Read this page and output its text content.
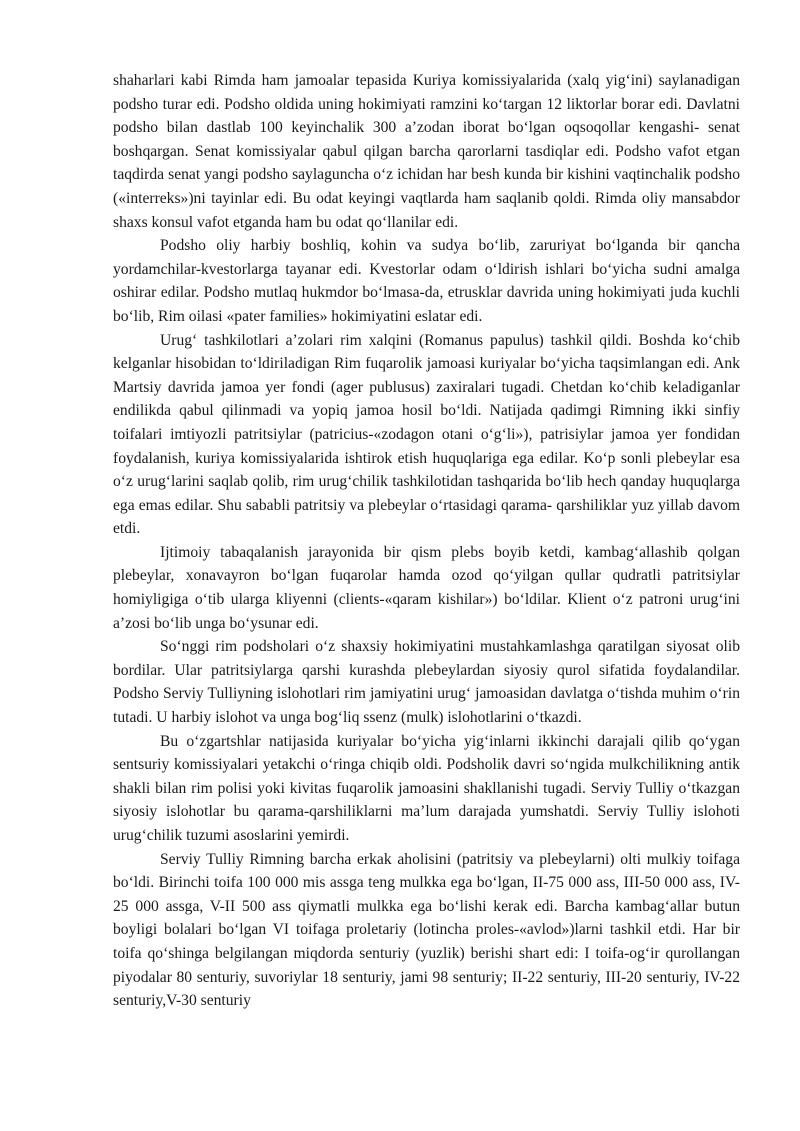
shaharlari kabi Rimda ham jamoalar tepasida Kuriya komissiyalarida (xalq yig‘ini) saylanadigan podsho turar edi. Podsho oldida uning hokimiyati ramzini ko‘targan 12 liktorlar borar edi. Davlatni podsho bilan dastlab 100 keyinchalik 300 a’zodan iborat bo‘lgan oqsoqollar kengashi- senat boshqargan. Senat komissiyalar qabul qilgan barcha qarorlarni tasdiqlar edi. Podsho vafot etgan taqdirda senat yangi podsho saylaguncha o‘z ichidan har besh kunda bir kishini vaqtinchalik podsho («interreks»)ni tayinlar edi. Bu odat keyingi vaqtlarda ham saqlanib qoldi. Rimda oliy mansabdor shaxs konsul vafot etganda ham bu odat qo‘llanilar edi.

Podsho oliy harbiy boshliq, kohin va sudya bo‘lib, zaruriyat bo‘lganda bir qancha yordamchilar-kvestorlarga tayanar edi. Kvestorlar odam o‘ldirish ishlari bo‘yicha sudni amalga oshirar edilar. Podsho mutlaq hukmdor bo‘lmasa-da, etrusklar davrida uning hokimiyati juda kuchli bo‘lib, Rim oilasi «pater families» hokimiyatini eslatar edi.

Urug‘ tashkilotlari a’zolari rim xalqini (Romanus papulus) tashkil qildi. Boshda ko‘chib kelganlar hisobidan to‘ldiriladigan Rim fuqarolik jamoasi kuriyalar bo‘yicha taqsimlangan edi. Ank Martsiy davrida jamoa yer fondi (ager publusus) zaxiralari tugadi. Chetdan ko‘chib keladiganlar endilikda qabul qilinmadi va yopiq jamoa hosil bo‘ldi. Natijada qadimgi Rimning ikki sinfiy toifalari imtiyozli patritsiylar (patricius-«zodagon otani o‘g‘li»), patrisiylar jamoa yer fondidan foydalanish, kuriya komissiyalarida ishtirok etish huquqlariga ega edilar. Ko‘p sonli plebeylar esa o‘z urug‘larini saqlab qolib, rim urug‘chilik tashkilotidan tashqarida bo‘lib hech qanday huquqlarga ega emas edilar. Shu sababli patritsiy va plebeylar o‘rtasidagi qarama- qarshiliklar yuz yillab davom etdi.

Ijtimoiy tabaqalanish jarayonida bir qism plebs boyib ketdi, kambag‘allashib qolgan plebeylar, xonavayron bo‘lgan fuqarolar hamda ozod qo‘yilgan qullar qudratli patritsiylar homiyligiga o‘tib ularga kliyenni (clients-«qaram kishilar») bo‘ldilar. Klient o‘z patroni urug‘ini a’zosi bo‘lib unga bo‘ysunar edi.

So‘nggi rim podsholari o‘z shaxsiy hokimiyatini mustahkamlashga qaratilgan siyosat olib bordilar. Ular patritsiylarga qarshi kurashda plebeylardan siyosiy qurol sifatida foydalandilar. Podsho Serviy Tulliyning islohotlari rim jamiyatini urug‘ jamoasidan davlatga o‘tishda muhim o‘rin tutadi. U harbiy islohot va unga bog‘liq ssenz (mulk) islohotlarini o‘tkazdi.

Bu o‘zgartshlar natijasida kuriyalar bo‘yicha yig‘inlarni ikkinchi darajali qilib qo‘ygan sentsuriy komissiyalari yetakchi o‘ringa chiqib oldi. Podsholik davri so‘ngida mulkchilikning antik shakli bilan rim polisi yoki kivitas fuqarolik jamoasini shakllanishi tugadi. Serviy Tulliy o‘tkazgan siyosiy islohotlar bu qarama-qarshiliklarni ma’lum darajada yumshatdi. Serviy Tulliy islohoti urug‘chilik tuzumi asoslarini yemirdi.

Serviy Tulliy Rimning barcha erkak aholisini (patritsiy va plebeylarni) olti mulkiy toifaga bo‘ldi. Birinchi toifa 100 000 mis assga teng mulkka ega bo‘lgan, II-75 000 ass, III-50 000 ass, IV-25 000 assga, V-II 500 ass qiymatli mulkka ega bo‘lishi kerak edi. Barcha kambag‘allar butun boyligi bolalari bo‘lgan VI toifaga proletariy (lotincha proles-«avlod»)larni tashkil etdi. Har bir toifa qo‘shinga belgilangan miqdorda senturiy (yuzlik) berishi shart edi: I toifa-og‘ir qurollangan piyodalar 80 senturiy, suvoriylar 18 senturiy, jami 98 senturiy; II-22 senturiy, III-20 senturiy, IV-22 senturiy,V-30 senturiy
